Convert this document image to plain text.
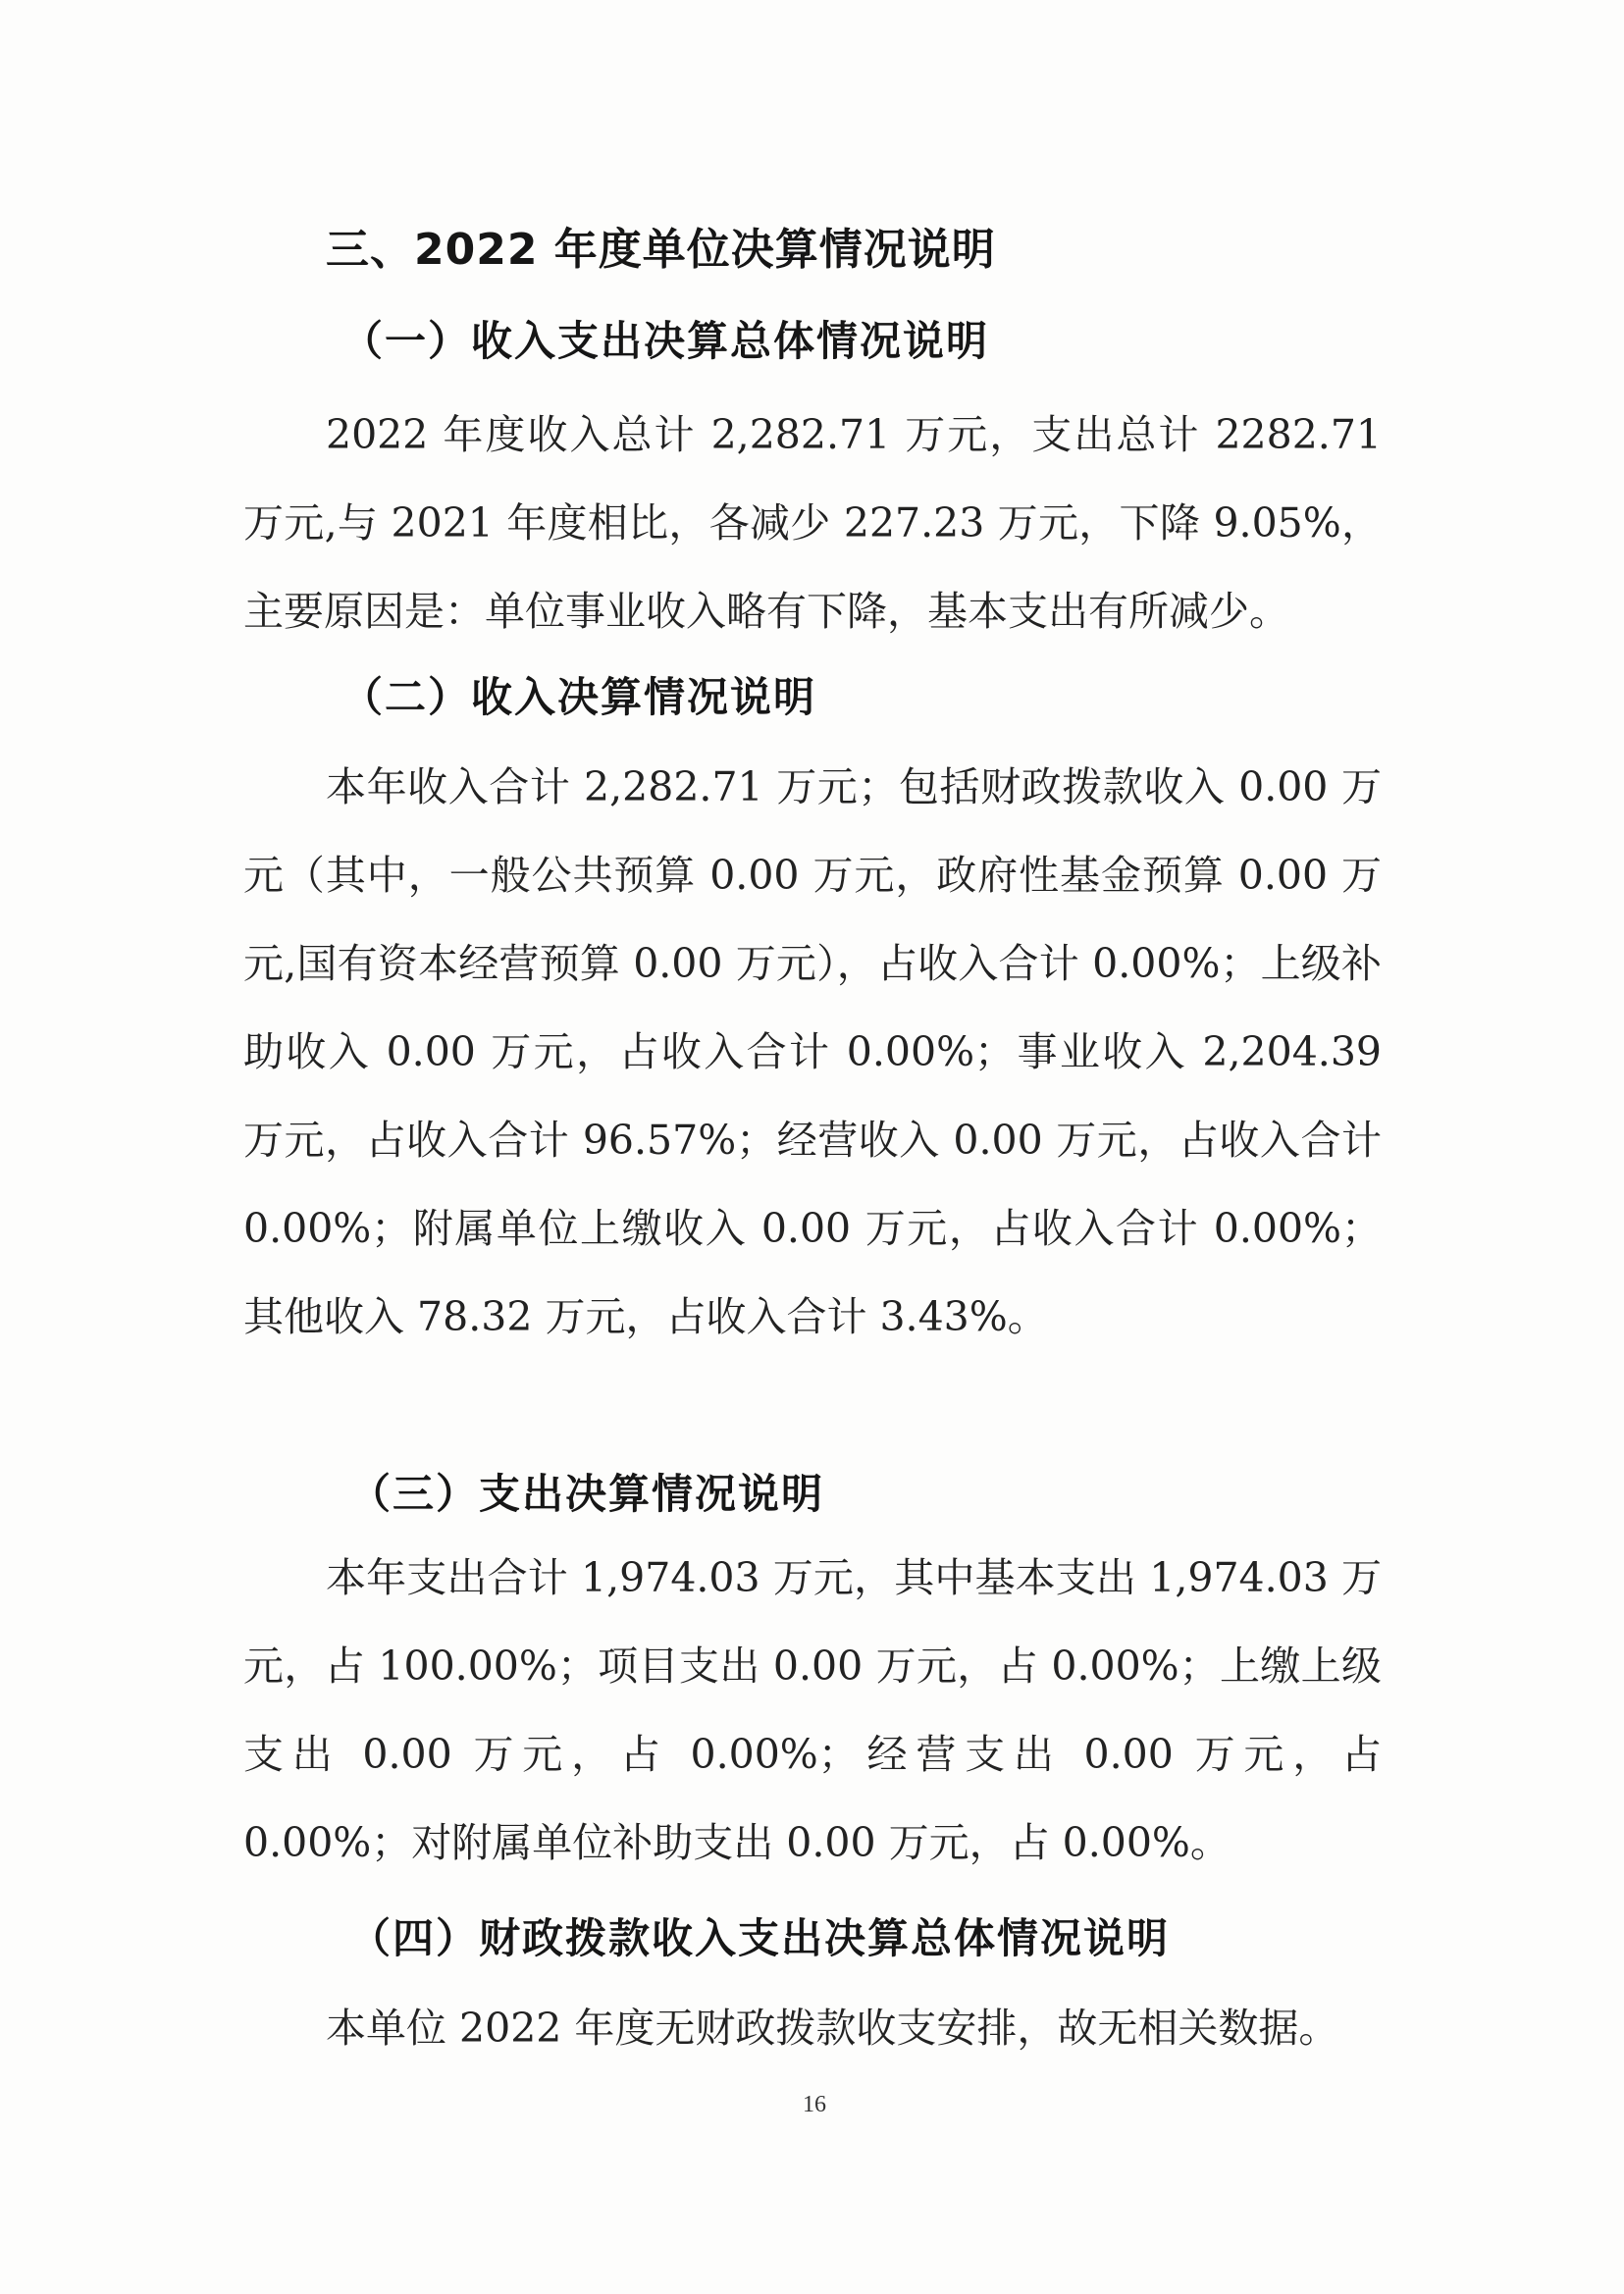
三、2022 年度单位决算情况说明
（一）收入支出决算总体情况说明

2022 年度收入总计 2,282.71 万元，支出总计 2282.71 万元,与 2021 年度相比，各减少 227.23 万元，下降 9.05%，主要原因是：单位事业收入略有下降，基本支出有所减少。

（二）收入决算情况说明

本年收入合计 2,282.71 万元；包括财政拨款收入 0.00 万元（其中，一般公共预算 0.00 万元，政府性基金预算 0.00 万元,国有资本经营预算 0.00 万元），占收入合计 0.00%；上级补助收入 0.00 万元，占收入合计 0.00%；事业收入 2,204.39 万元，占收入合计 96.57%；经营收入 0.00 万元，占收入合计 0.00%；附属单位上缴收入 0.00 万元，占收入合计 0.00%；其他收入 78.32 万元，占收入合计 3.43%。

（三）支出决算情况说明

本年支出合计 1,974.03 万元，其中基本支出 1,974.03 万元，占 100.00%；项目支出 0.00 万元，占 0.00%；上缴上级支出 0.00 万元，占 0.00%；经营支出 0.00 万元，占 0.00%；对附属单位补助支出 0.00 万元，占 0.00%。

（四）财政拨款收入支出决算总体情况说明

本单位 2022 年度无财政拨款收支安排，故无相关数据。

16
